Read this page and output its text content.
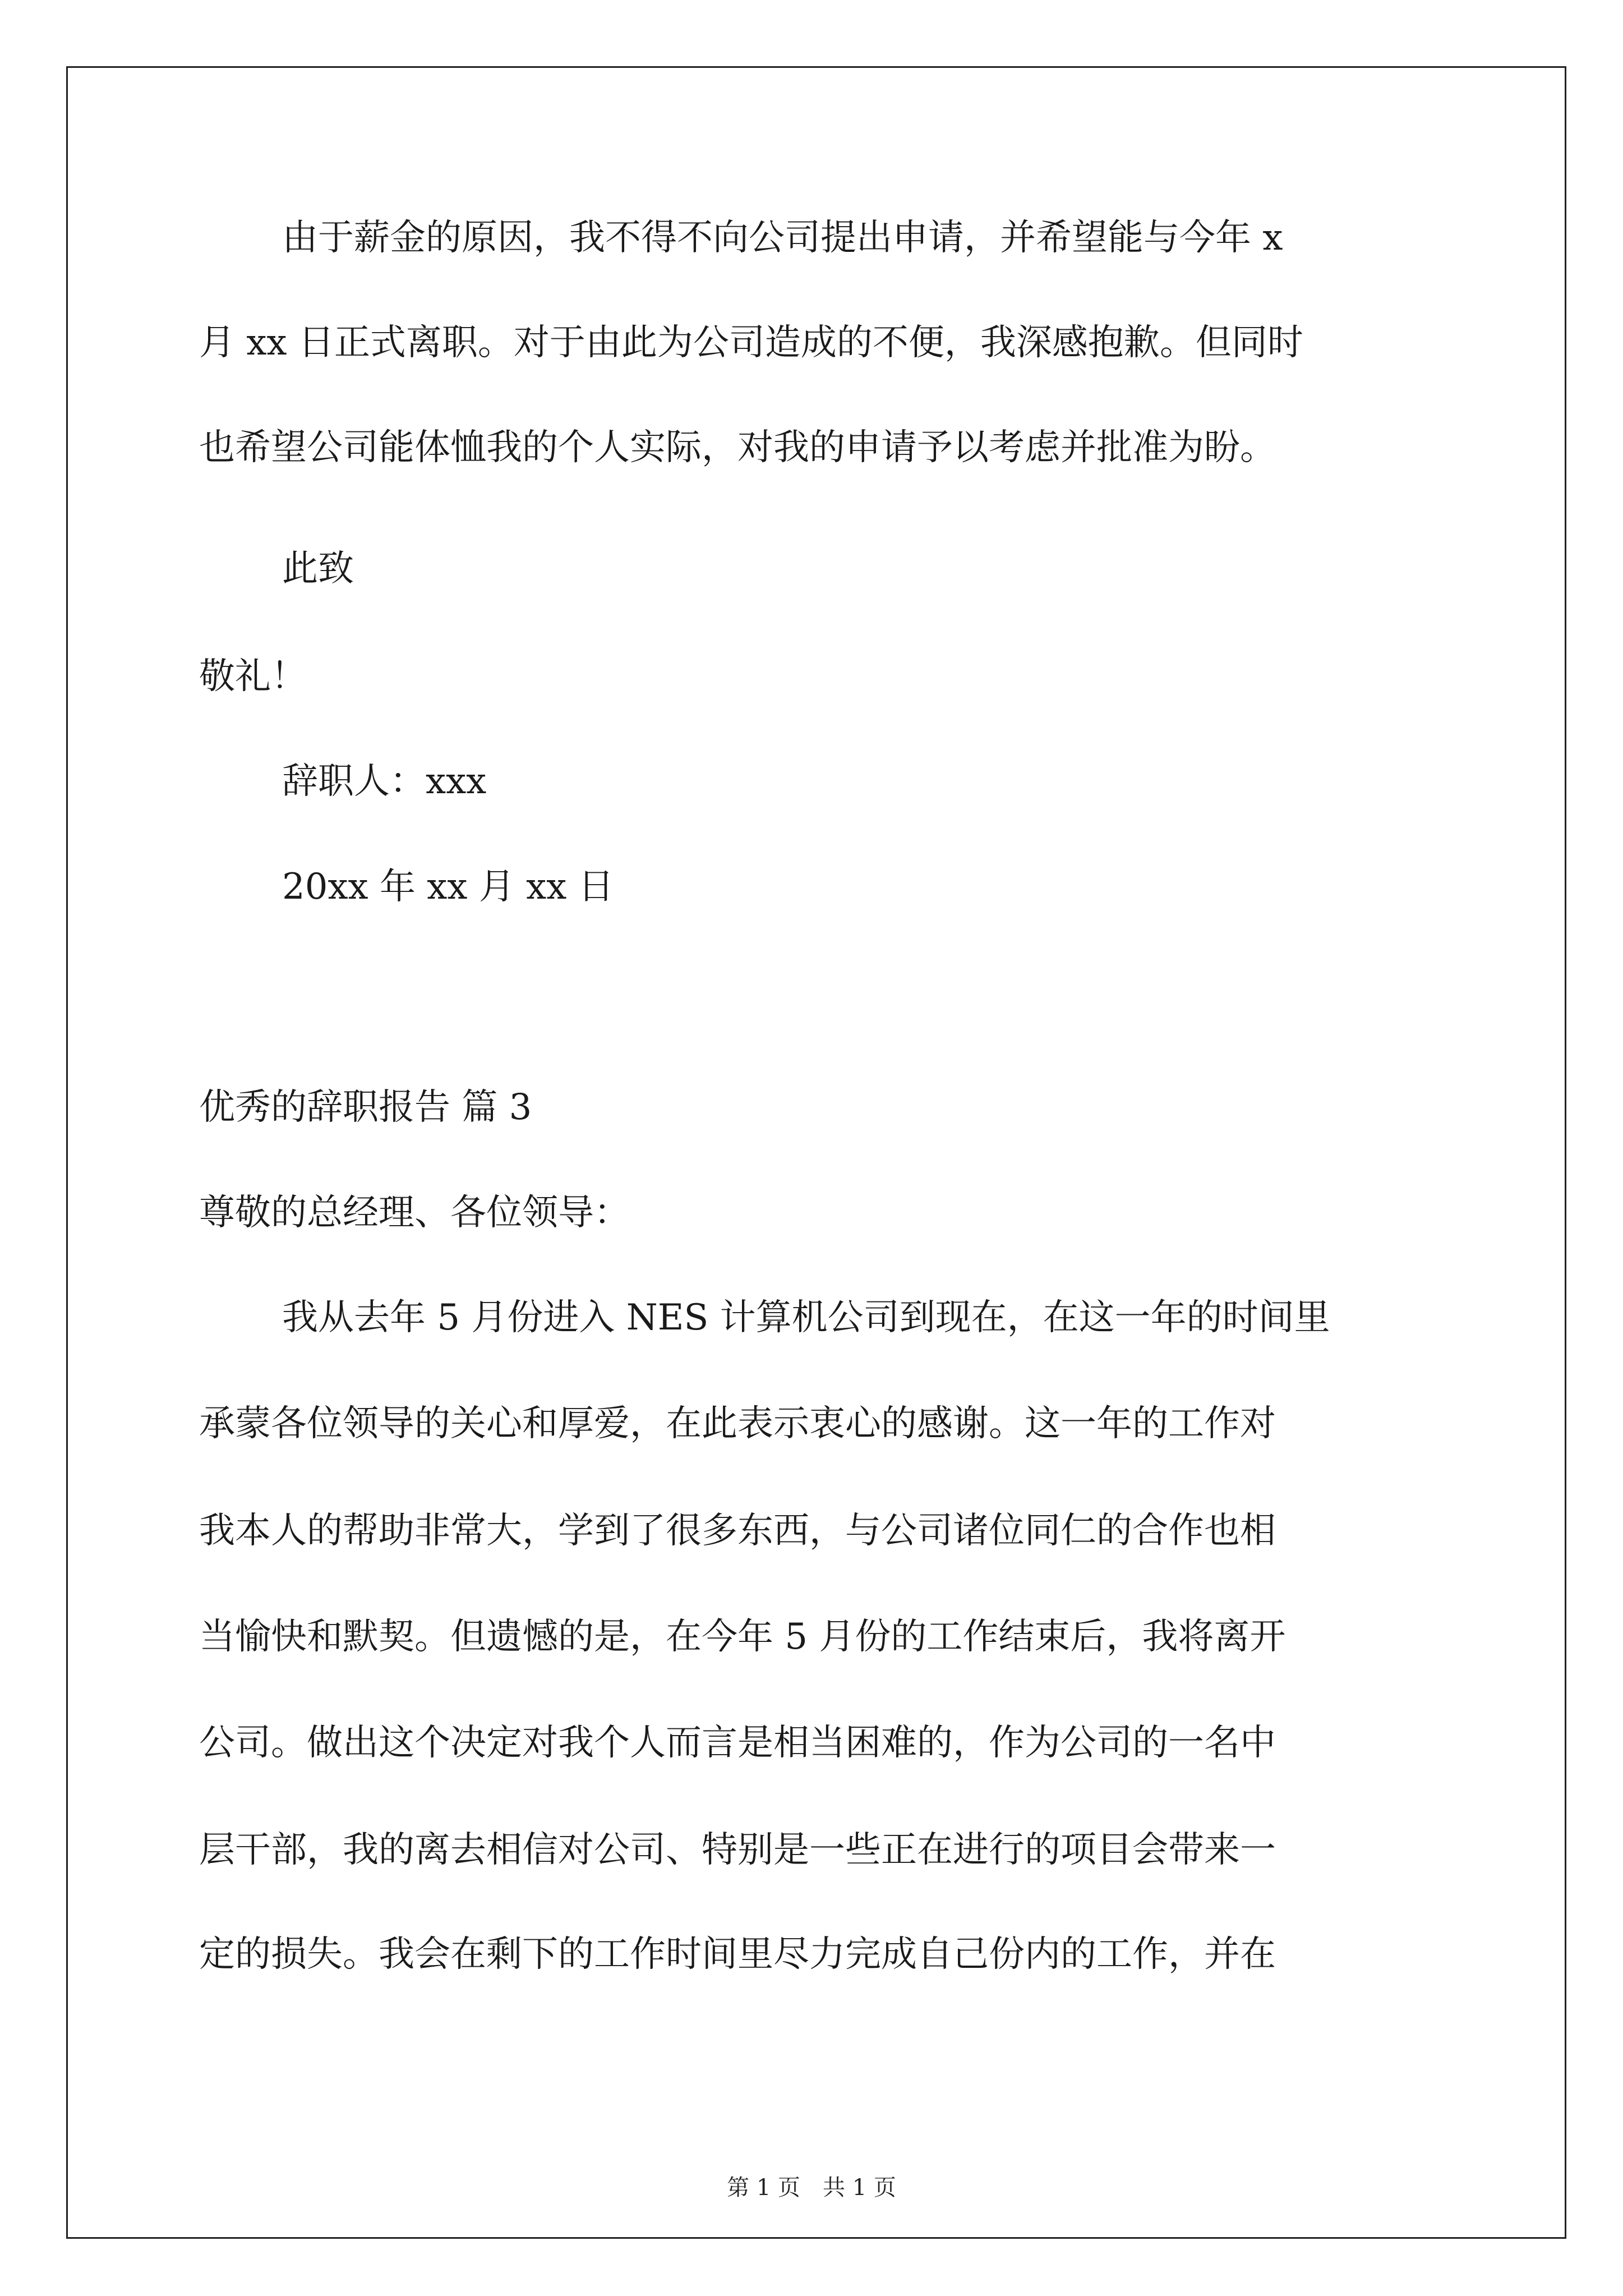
由于薪金的原因，我不得不向公司提出申请，并希望能与今年 x

月 xx 日正式离职。对于由此为公司造成的不便，我深感抱歉。但同时

也希望公司能体恤我的个人实际，对我的申请予以考虑并批准为盼。

此致

敬礼！

辞职人：xxx

20xx 年 xx 月 xx 日

优秀的辞职报告 篇 3

尊敬的总经理、各位领导：

我从去年 5 月份进入 NES 计算机公司到现在，在这一年的时间里

承蒙各位领导的关心和厚爱，在此表示衷心的感谢。这一年的工作对

我本人的帮助非常大，学到了很多东西，与公司诸位同仁的合作也相

当愉快和默契。但遗憾的是，在今年 5 月份的工作结束后，我将离开

公司。做出这个决定对我个人而言是相当困难的，作为公司的一名中

层干部，我的离去相信对公司、特别是一些正在进行的项目会带来一

定的损失。我会在剩下的工作时间里尽力完成自己份内的工作，并在

第 1 页　共 1 页
